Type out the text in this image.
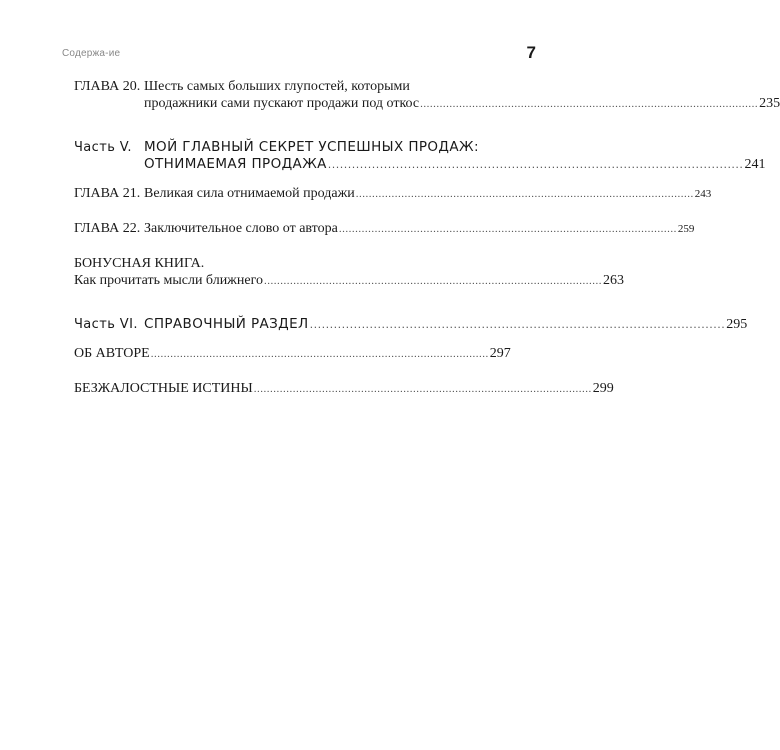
Содержа-ие	7
ГЛАВА 20. Шесть самых больших глупостей, которыми
продажники сами пускают продажи под откос ........................................................................................................ 235
Часть V. МОЙ ГЛАВНЫЙ СЕКРЕТ УСПЕШНЫХ ПРОДАЖ:
ОТНИМАЕМАЯ ПРОДАЖА ........................................................................................................ 241
ГЛАВА 21. Великая сила отнимаемой продажи ........................................................................................................ 243
ГЛАВА 22. Заключительное слово от автора ........................................................................................................ 259
БОНУСНАЯ КНИГА.
Как прочитать мысли ближнего ........................................................................................................ 263
Часть VI. СПРАВОЧНЫЙ РАЗДЕЛ ........................................................................................................ 295
ОБ АВТОРЕ ........................................................................................................ 297
БЕЗЖАЛОСТНЫЕ ИСТИНЫ ........................................................................................................ 299
